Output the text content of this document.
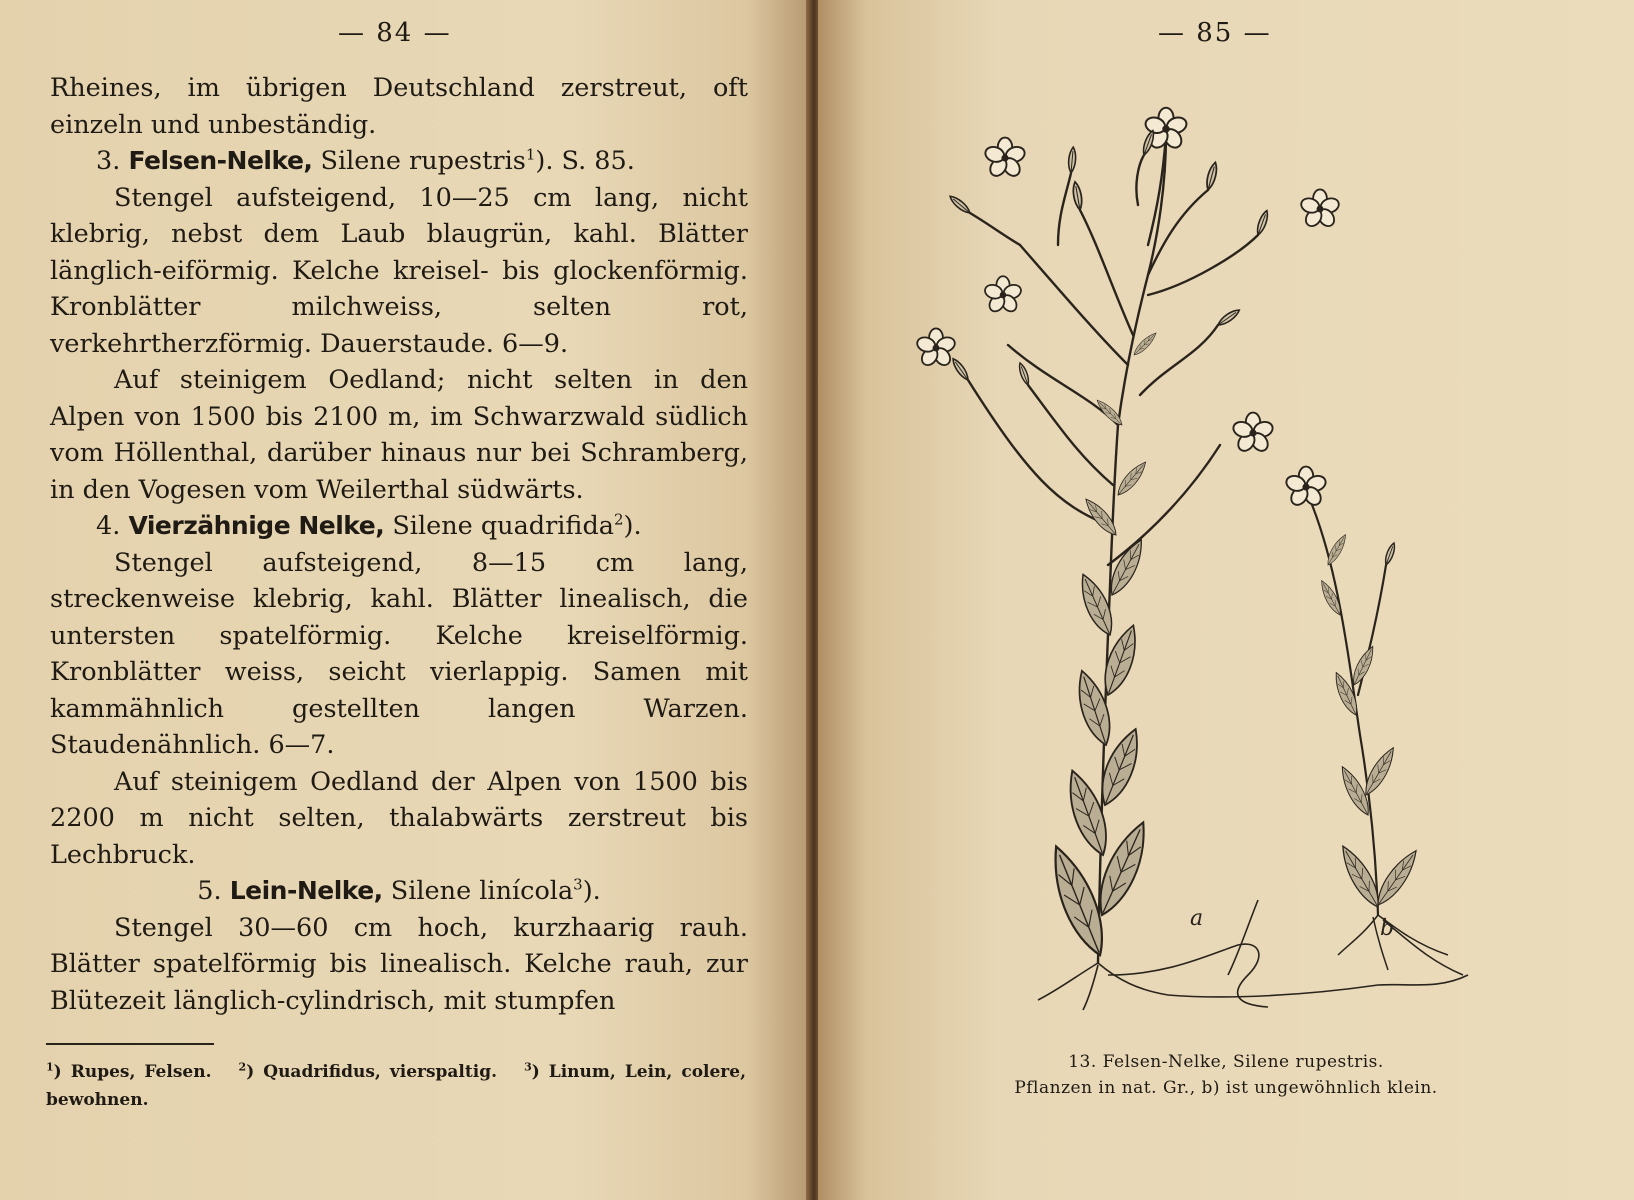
— 84 —

Rheines, im übrigen Deutschland zerstreut, oft einzeln und unbeständig.

3. Felsen-Nelke, Silene rupestris$^1$). S. 85.

Stengel aufsteigend, 10—25 cm lang, nicht klebrig, nebst dem Laub blaugrün, kahl. Blätter länglich-eiförmig. Kelche kreisel- bis glockenförmig. Kronblätter milchweiss, selten rot, verkehrtherzförmig. Dauerstaude. 6—9.

Auf steinigem Oedland; nicht selten in den Alpen von 1500 bis 2100 m, im Schwarzwald südlich vom Höllenthal, darüber hinaus nur bei Schramberg, in den Vogesen vom Weilerthal südwärts.

4. Vierzähnige Nelke, Silene quadrifida$^2$).

Stengel aufsteigend, 8—15 cm lang, streckenweise klebrig, kahl. Blätter linealisch, die untersten spatelförmig. Kelche kreiselförmig. Kronblätter weiss, seicht vierlappig. Samen mit kammähnlich gestellten langen Warzen. Staudenähnlich. 6—7.

Auf steinigem Oedland der Alpen von 1500 bis 2200 m nicht selten, thalabwärts zerstreut bis Lechbruck.

5. Lein-Nelke, Silene linícola$^3$).

Stengel 30—60 cm hoch, kurzhaarig rauh. Blätter spatelförmig bis linealisch. Kelche rauh, zur Blütezeit länglich-cylindrisch, mit stumpfen

$^1$) Rupes, Felsen. $^2$) Quadrifidus, vierspaltig. $^3$) Linum, Lein, colere, bewohnen.
— 85 —
a	b
13. Felsen-Nelke, Silene rupestris.
Pflanzen in nat. Gr., b) ist ungewöhnlich klein.
